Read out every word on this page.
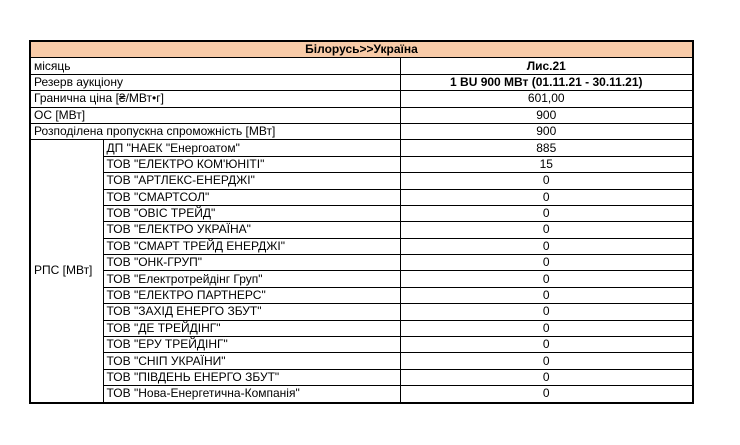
Білорусь>>Україна		
місяць		Лис.21
Резерв аукціону		1 BU 900 МВт (01.11.21 - 30.11.21)
Гранична ціна [₴/МВт•г]		601,00
ОС [МВт]		900
Розподілена пропускна спроможність [МВт]		900
РПС [МВт]	ДП "НАЕК "Енергоатом"	885
	ТОВ "ЕЛЕКТРО КОМ'ЮНІТІ"	15
	ТОВ "АРТЛЕКС-ЕНЕРДЖІ"	0
	ТОВ "СМАРТСОЛ"	0
	ТОВ "ОВІС ТРЕЙД"	0
	ТОВ "ЕЛЕКТРО УКРАЇНА"	0
	ТОВ "СМАРТ ТРЕЙД ЕНЕРДЖІ"	0
	ТОВ "ОНК-ГРУП"	0
	ТОВ "Електротрейдінг Груп"	0
	ТОВ "ЕЛЕКТРО ПАРТНЕРС"	0
	ТОВ "ЗАХІД ЕНЕРГО ЗБУТ"	0
	ТОВ "ДЕ ТРЕЙДІНГ"	0
	ТОВ "ЕРУ ТРЕЙДІНГ"	0
	ТОВ "СНІП УКРАЇНИ"	0
	ТОВ "ПІВДЕНЬ ЕНЕРГО ЗБУТ"	0
	ТОВ "Нова-Енергетична-Компанія"	0
